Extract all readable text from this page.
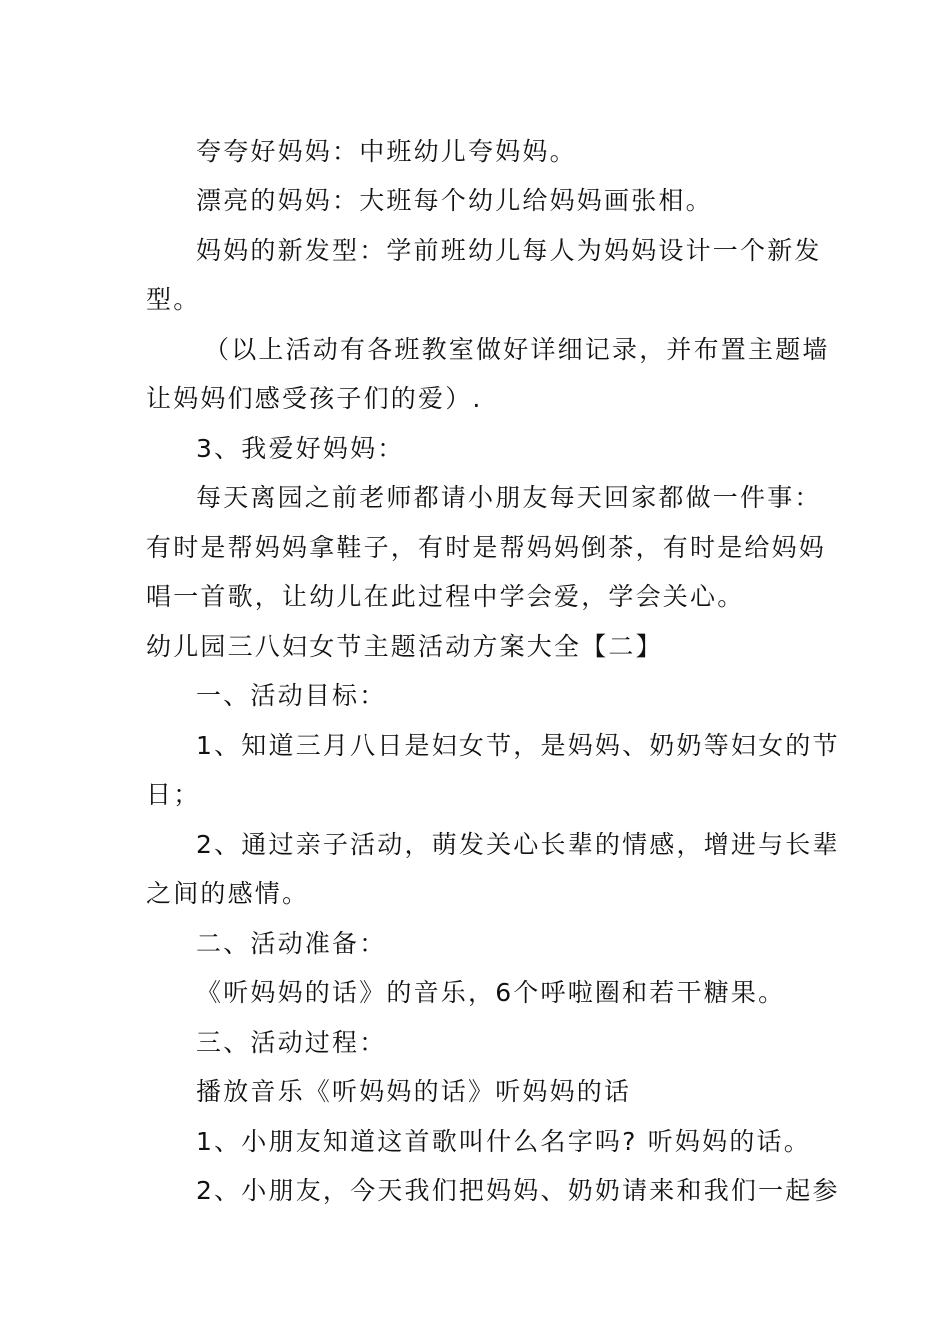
夸夸好妈妈：中班幼儿夸妈妈。
漂亮的妈妈：大班每个幼儿给妈妈画张相。
妈妈的新发型：学前班幼儿每人为妈妈设计一个新发
型。
（以上活动有各班教室做好详细记录，并布置主题墙
让妈妈们感受孩子们的爱）.
3、我爱好妈妈：
每天离园之前老师都请小朋友每天回家都做一件事：
有时是帮妈妈拿鞋子，有时是帮妈妈倒茶，有时是给妈妈
唱一首歌，让幼儿在此过程中学会爱，学会关心。
幼儿园三八妇女节主题活动方案大全【二】
一、活动目标：
1、知道三月八日是妇女节，是妈妈、奶奶等妇女的节
日；
2、通过亲子活动，萌发关心长辈的情感，增进与长辈
之间的感情。
二、活动准备：
《听妈妈的话》的音乐，6个呼啦圈和若干糖果。
三、活动过程：
播放音乐《听妈妈的话》听妈妈的话
1、小朋友知道这首歌叫什么名字吗? 听妈妈的话。
2、小朋友，今天我们把妈妈、奶奶请来和我们一起参
